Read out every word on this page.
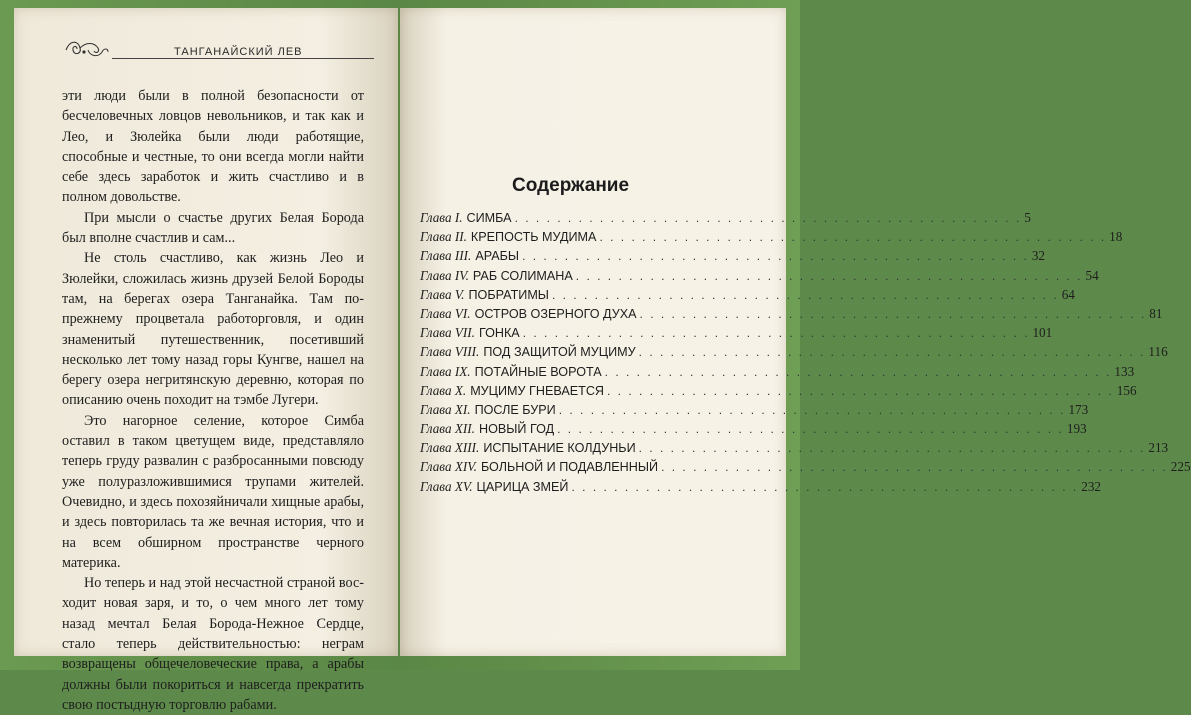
ТАНГАНАЙСКИЙ ЛЕВ

эти люди были в полной безопасности от бесчеловечных ловцов невольников, и так как и Лео, и Зюлейка были люди работящие, способные и честные, то они всегда могли найти себе здесь заработок и жить счастливо и в полном довольстве.

При мысли о счастье других Белая Борода был вполне счастлив и сам...

Не столь счастливо, как жизнь Лео и Зюлейки, сложилась жизнь друзей Белой Бороды там, на берегах озера Танганайка. Там по-прежнему процветала работорговля, и один знаменитый путешественник, посетивший несколько лет тому назад горы Кунгве, нашел на берегу озера негритянскую деревню, которая по описанию очень походит на тэмбе Лугери.

Это нагорное селение, которое Симба оставил в таком цветущем виде, представляло теперь груду развалин с разбросанными повсюду уже полуразложившимися трупами жителей. Очевидно, и здесь похозяйничали хищные арабы, и здесь повторилась та же вечная история, что и на всем обширном пространстве черного материка.

Но теперь и над этой несчастной страной восходит новая заря, и то, о чем много лет тому назад мечтал Белая Борода-Нежное Сердце, стало теперь действительностью: неграм возвращены общечеловеческие права, а арабы должны были покориться и навсегда прекратить свою постыдную торговлю рабами.

Содержание
Глава I. СИМБА . . . . . . . . . . . . . . . . . . . . . . . . . . . . . . . . . . . . . . . . . . . . . . . . 5
Глава II. КРЕПОСТЬ МУДИМА . . . . . . . . . . . . . . . . . . . . . . . . . . . . . . . . . . . . . . . . . . . . . . . . 18
Глава III. АРАБЫ . . . . . . . . . . . . . . . . . . . . . . . . . . . . . . . . . . . . . . . . . . . . . . . . 32
Глава IV. РАБ СОЛИМАНА . . . . . . . . . . . . . . . . . . . . . . . . . . . . . . . . . . . . . . . . . . . . . . . . 54
Глава V. ПОБРАТИМЫ . . . . . . . . . . . . . . . . . . . . . . . . . . . . . . . . . . . . . . . . . . . . . . . . 64
Глава VI. ОСТРОВ ОЗЕРНОГО ДУХА . . . . . . . . . . . . . . . . . . . . . . . . . . . . . . . . . . . . . . . . . . . . . . . . 81
Глава VII. ГОНКА . . . . . . . . . . . . . . . . . . . . . . . . . . . . . . . . . . . . . . . . . . . . . . . . 101
Глава VIII. ПОД ЗАЩИТОЙ МУЦИМУ . . . . . . . . . . . . . . . . . . . . . . . . . . . . . . . . . . . . . . . . . . . . . . . . 116
Глава IX. ПОТАЙНЫЕ ВОРОТА . . . . . . . . . . . . . . . . . . . . . . . . . . . . . . . . . . . . . . . . . . . . . . . . 133
Глава X. МУЦИМУ ГНЕВАЕТСЯ . . . . . . . . . . . . . . . . . . . . . . . . . . . . . . . . . . . . . . . . . . . . . . . . 156
Глава XI. ПОСЛЕ БУРИ . . . . . . . . . . . . . . . . . . . . . . . . . . . . . . . . . . . . . . . . . . . . . . . . 173
Глава XII. НОВЫЙ ГОД . . . . . . . . . . . . . . . . . . . . . . . . . . . . . . . . . . . . . . . . . . . . . . . . 193
Глава XIII. ИСПЫТАНИЕ КОЛДУНЬИ . . . . . . . . . . . . . . . . . . . . . . . . . . . . . . . . . . . . . . . . . . . . . . . . 213
Глава XIV. БОЛЬНОЙ И ПОДАВЛЕННЫЙ . . . . . . . . . . . . . . . . . . . . . . . . . . . . . . . . . . . . . . . . . . . . . . . . 225
Глава XV. ЦАРИЦА ЗМЕЙ . . . . . . . . . . . . . . . . . . . . . . . . . . . . . . . . . . . . . . . . . . . . . . . . 232
